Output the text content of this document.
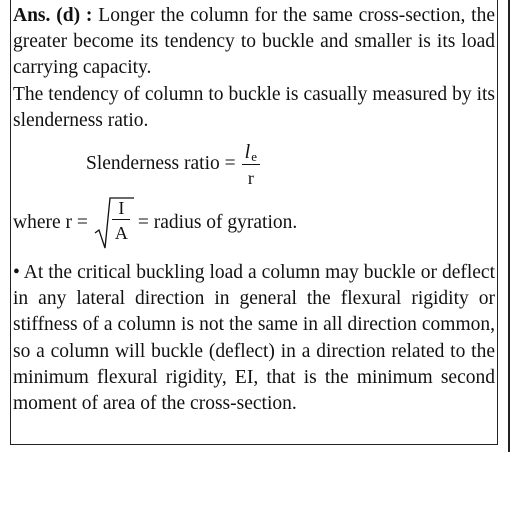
Ans. (d) : Longer the column for the same cross-section, the greater become its tendency to buckle and smaller is its load carrying capacity.

The tendency of column to buckle is casually measured by its slenderness ratio.

Slenderness ratio = $\frac{l_e}{r}$
where $r = \frac{I}{A}$ = radius of gyration.

• At the critical buckling load a column may buckle or deflect in any lateral direction in general the flexural rigidity or stiffness of a column is not the same in all direction common, so a column will buckle (deflect) in a direction related to the minimum flexural rigidity, EI, that is the minimum second moment of area of the cross-section.
